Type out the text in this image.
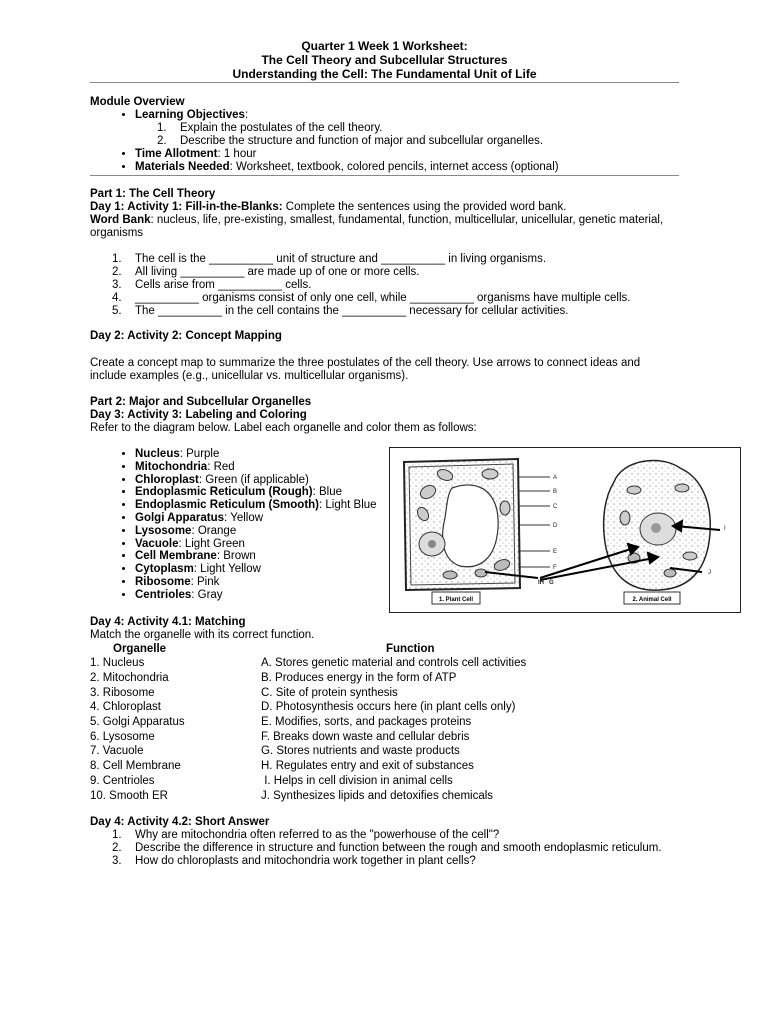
Quarter 1 Week 1 Worksheet:
The Cell Theory and Subcellular Structures
Understanding the Cell: The Fundamental Unit of Life
Module Overview
• Learning Objectives:
1.	Explain the postulates of the cell theory.
2.	Describe the structure and function of major and subcellular organelles.
• Time Allotment: 1 hour
• Materials Needed: Worksheet, textbook, colored pencils, internet access (optional)
Part 1: The Cell Theory
Day 1: Activity 1: Fill-in-the-Blanks: Complete the sentences using the provided word bank.
Word Bank: nucleus, life, pre-existing, smallest, fundamental, function, multicellular, unicellular, genetic material, organisms
1.	The cell is the __________ unit of structure and __________ in living organisms.
2.	All living __________ are made up of one or more cells.
3.	Cells arise from __________ cells.
4.	__________ organisms consist of only one cell, while __________ organisms have multiple cells.
5.	The __________ in the cell contains the __________ necessary for cellular activities.
Day 2: Activity 2: Concept Mapping
Create a concept map to summarize the three postulates of the cell theory. Use arrows to connect ideas and include examples (e.g., unicellular vs. multicellular organisms).
Part 2: Major and Subcellular Organelles
Day 3: Activity 3: Labeling and Coloring
Refer to the diagram below. Label each organelle and color them as follows:
• Nucleus: Purple
• Mitochondria: Red
• Chloroplast: Green (if applicable)
• Endoplasmic Reticulum (Rough): Blue
• Endoplasmic Reticulum (Smooth): Light Blue
• Golgi Apparatus: Yellow
• Lysosome: Orange
• Vacuole: Light Green
• Cell Membrane: Brown
• Cytoplasm: Light Yellow
• Ribosome: Pink
• Centrioles: Gray
Day 4: Activity 4.1: Matching
Match the organelle with its correct function.
Organelle	Function
1. Nucleus	A. Stores genetic material and controls cell activities
2. Mitochondria	B. Produces energy in the form of ATP
3. Ribosome	C. Site of protein synthesis
4. Chloroplast	D. Photosynthesis occurs here (in plant cells only)
5. Golgi Apparatus	E. Modifies, sorts, and packages proteins
6. Lysosome	F. Breaks down waste and cellular debris
7. Vacuole	G. Stores nutrients and waste products
8. Cell Membrane	H. Regulates entry and exit of substances
9. Centrioles	I. Helps in cell division in animal cells
10. Smooth ER	J. Synthesizes lipids and detoxifies chemicals
Day 4: Activity 4.2: Short Answer
1.	Why are mitochondria often referred to as the "powerhouse of the cell"?
2.	Describe the difference in structure and function between the rough and smooth endoplasmic reticulum.
3.	How do chloroplasts and mitochondria work together in plant cells?
A
B
C
D
E
F
I
J
IH G
1. Plant Cell	2. Animal Cell
